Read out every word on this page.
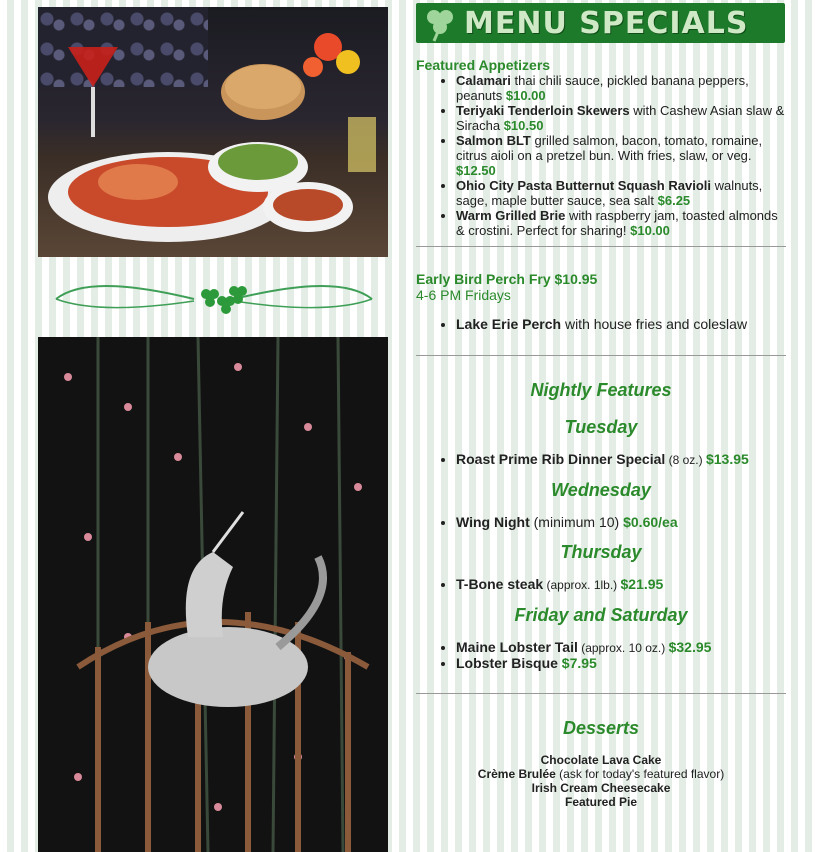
MENU SPECIALS
Featured Appetizers
• Calamari thai chili sauce, pickled banana peppers, peanuts $10.00
• Teriyaki Tenderloin Skewers with Cashew Asian slaw & Siracha $10.50
• Salmon BLT grilled salmon, bacon, tomato, romaine, citrus aioli on a pretzel bun. With fries, slaw, or veg. $12.50
• Ohio City Pasta Butternut Squash Ravioli walnuts, sage, maple butter sauce, sea salt $6.25
• Warm Grilled Brie with raspberry jam, toasted almonds & crostini. Perfect for sharing! $10.00
Early Bird Perch Fry $10.95
4-6 PM Fridays
• Lake Erie Perch with house fries and coleslaw
Nightly Features
Tuesday
• Roast Prime Rib Dinner Special (8 oz.) $13.95
Wednesday
• Wing Night (minimum 10) $0.60/ea
Thursday
• T-Bone steak (approx. 1lb.) $21.95
Friday and Saturday
• Maine Lobster Tail (approx. 10 oz.) $32.95
• Lobster Bisque $7.95
Desserts
Chocolate Lava Cake
Crème Brulée (ask for today's featured flavor)
Irish Cream Cheesecake
Featured Pie
